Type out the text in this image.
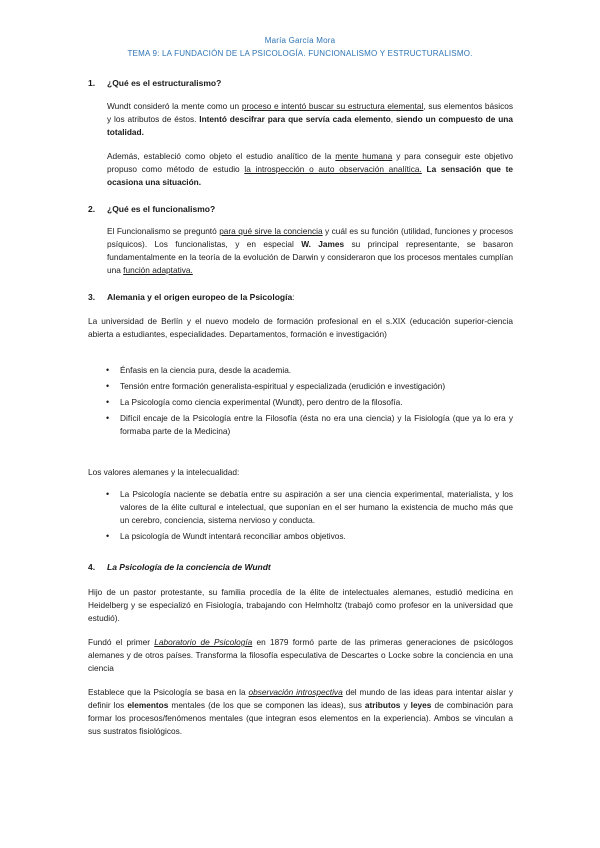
María García Mora
TEMA 9: LA FUNDACIÓN DE LA PSICOLOGÍA. FUNCIONALISMO Y ESTRUCTURALISMO.
1. ¿Qué es el estructuralismo?
Wundt consideró la mente como un proceso e intentó buscar su estructura elemental, sus elementos básicos y los atributos de éstos. Intentó descifrar para que servía cada elemento, siendo un compuesto de una totalidad.
Además, estableció como objeto el estudio analítico de la mente humana y para conseguir este objetivo propuso como método de estudio la introspección o auto observación analítica. La sensación que te ocasiona una situación.
2. ¿Qué es el funcionalismo?
El Funcionalismo se preguntó para qué sirve la conciencia y cuál es su función (utilidad, funciones y procesos psíquicos). Los funcionalistas, y en especial W. James su principal representante, se basaron fundamentalmente en la teoría de la evolución de Darwin y consideraron que los procesos mentales cumplían una función adaptativa.
3. Alemania y el origen europeo de la Psicología:
La universidad de Berlín y el nuevo modelo de formación profesional en el s.XIX (educación superior-ciencia abierta a estudiantes, especialidades. Departamentos, formación e investigación)
• Énfasis en la ciencia pura, desde la academia.
• Tensión entre formación generalista-espiritual y especializada (erudición e investigación)
• La Psicología como ciencia experimental (Wundt), pero dentro de la filosofía.
• Difícil encaje de la Psicología entre la Filosofía (ésta no era una ciencia) y la Fisiología (que ya lo era y formaba parte de la Medicina)
Los valores alemanes y la intelecualidad:
• La Psicología naciente se debatía entre su aspiración a ser una ciencia experimental, materialista, y los valores de la élite cultural e intelectual, que suponían en el ser humano la existencia de mucho más que un cerebro, conciencia, sistema nervioso y conducta.
• La psicología de Wundt intentará reconciliar ambos objetivos.
4. La Psicología de la conciencia de Wundt
Hijo de un pastor protestante, su familia procedía de la élite de intelectuales alemanes, estudió medicina en Heidelberg y se especializó en Fisiología, trabajando con Helmholtz (trabajó como profesor en la universidad que estudió).
Fundó el primer Laboratorio de Psicología en 1879 formó parte de las primeras generaciones de psicólogos alemanes y de otros países. Transforma la filosofía especulativa de Descartes o Locke sobre la conciencia en una ciencia
Establece que la Psicología se basa en la observación introspectiva del mundo de las ideas para intentar aislar y definir los elementos mentales (de los que se componen las ideas), sus atributos y leyes de combinación para formar los procesos/fenómenos mentales (que integran esos elementos en la experiencia). Ambos se vinculan a sus sustratos fisiológicos.
